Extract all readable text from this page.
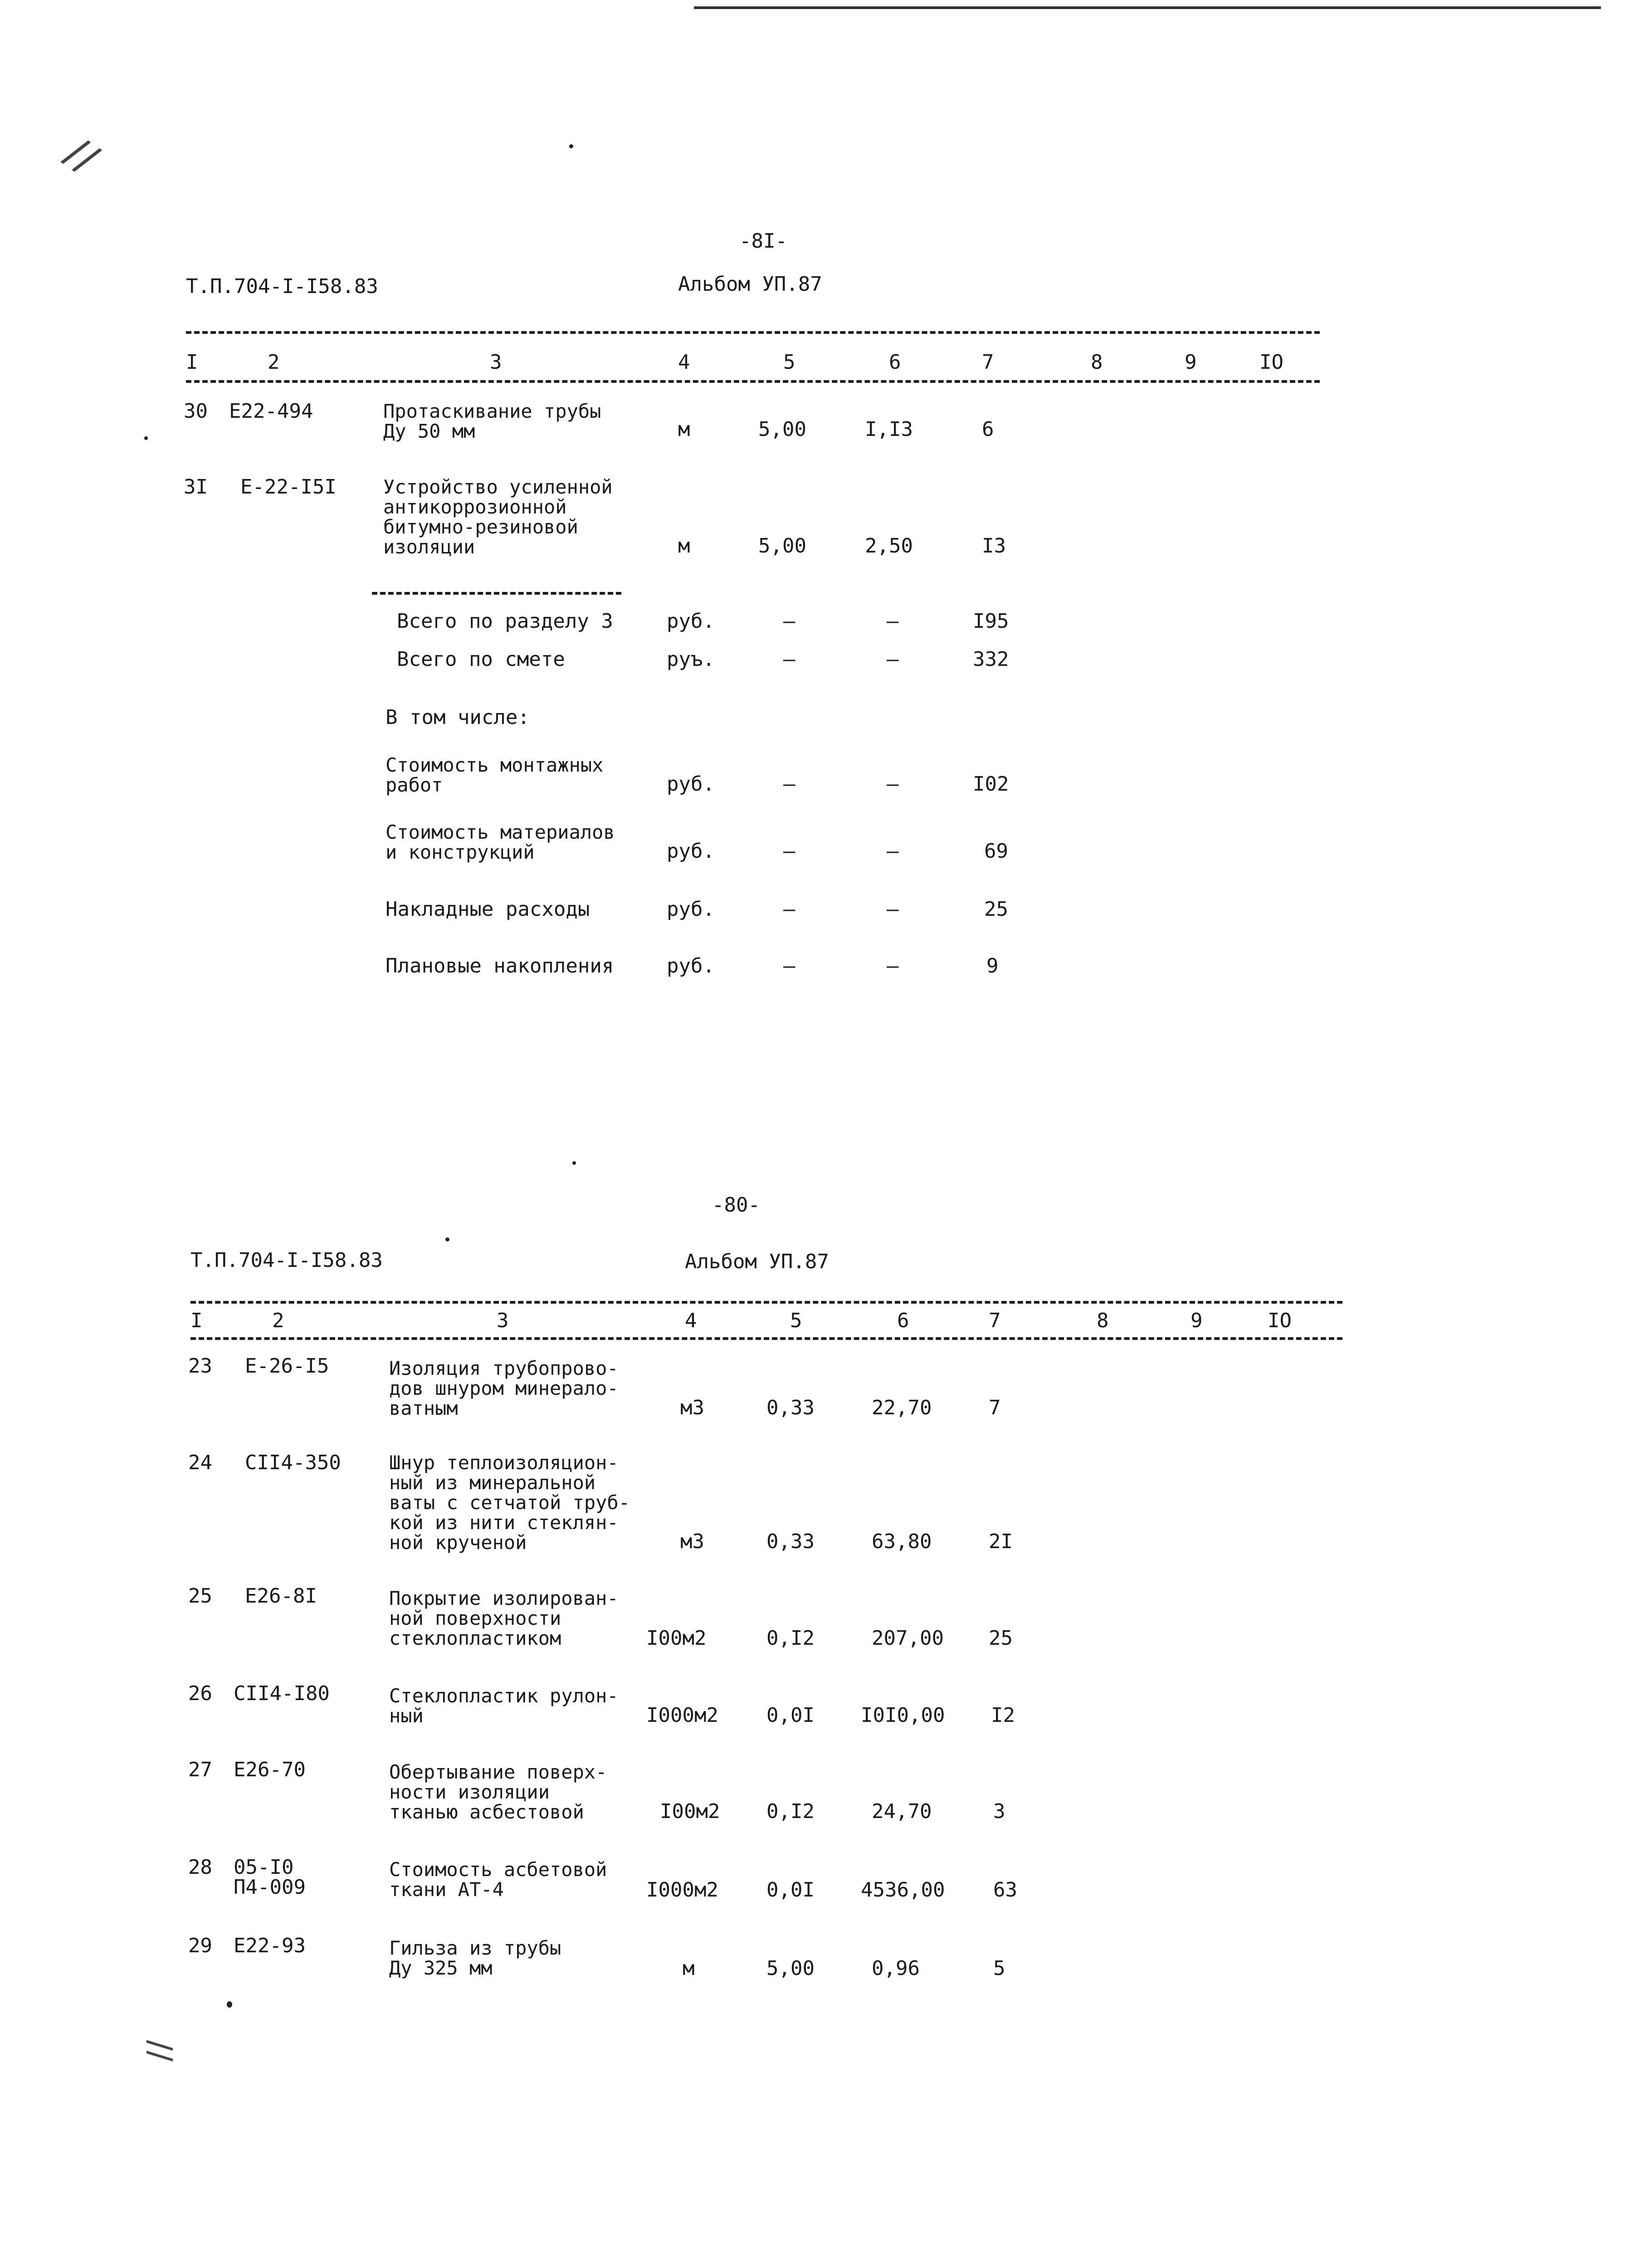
//
//
-8I-
Т.П.704-I-I58.83	Альбом УП.87
I	2	3	4	5	6	7	8	9	IO
30 Е22-494	Протаскивание трубы
Ду 50 мм	м	5,00	I,I3	6
3I Е-22-I5I Устройство усиленной
антикоррозионной
битумно-резиновой
изоляции	м	5,00	2,50	I3
Всего по разделу 3	руб.	–	–	I95
Всего по смете	руъ.	–	–	332
В том числе:
Стоимость монтажных
работ	руб.	–	–	I02
Стоимость материалов
и конструкций	руб.	–	—	69
Накладные расходы	руб.	–	–	25
Плановые накопления	руб.	–	–	9
-80-
Т.П.704-I-I58.83	Альбом УП.87
I	2	3	4	5	6	7	8	9	IO
23 Е-26-I5	Изоляция трубопрово-
дов шнуром минерало-
ватным	м3	0,33	22,70	7
24 СII4-350	Шнур теплоизоляцион-
ный из минеральной
ваты с сетчатой труб-
кой из нити стеклян-
ной крученой	м3	0,33	63,80	2I
25 Е26-8I	Покрытие изолирован-
ной поверхности
стеклопластиком	I00м2	0,I2	207,00 25
26 СII4-I80	Стеклопластик рулон-
ный	I000м2 0,0I I0I0,00 I2
27 Е26-70	Обертывание поверх-
ности изоляции
тканью асбестовой	I00м2 0,I2	24,70	3
28 05-I0
П4-009
Стоимость асбетовой
ткани АТ-4	I000м2 0,0I 4536,00 63
29 Е22-93	Гильза из трубы
Ду 325 мм	м	5,00	0,96	5
